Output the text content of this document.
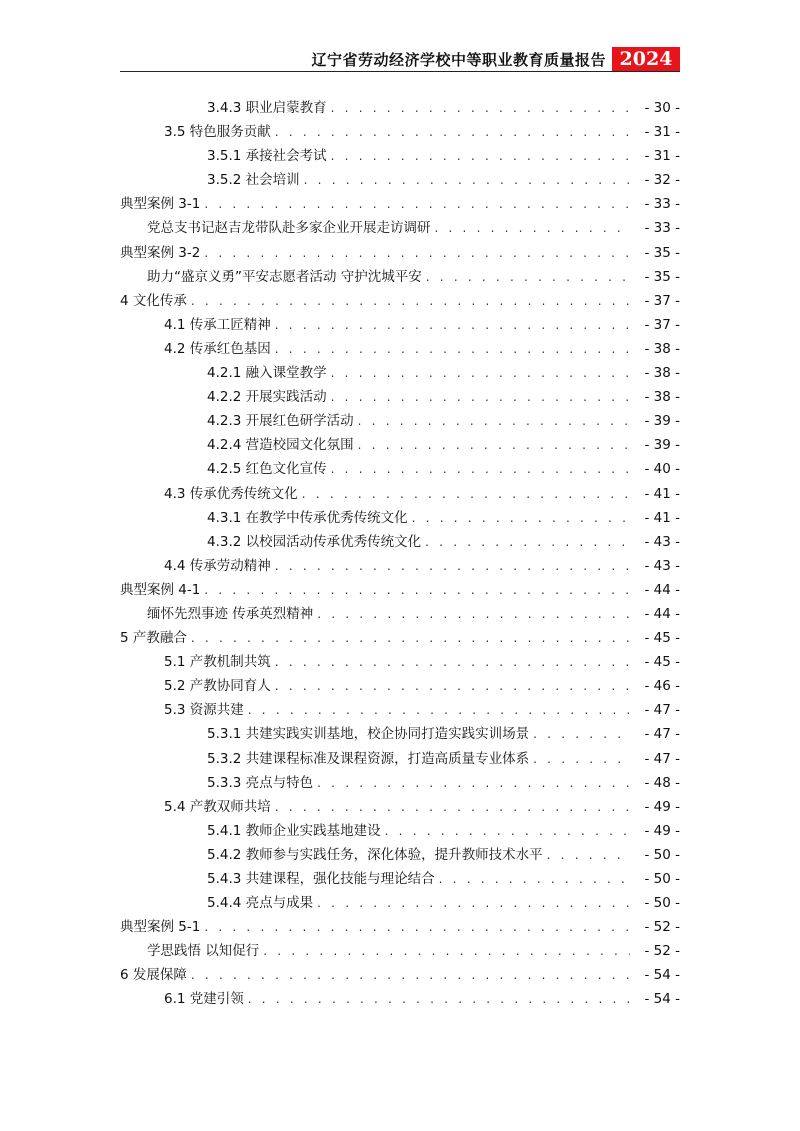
辽宁省劳动经济学校中等职业教育质量报告 2024
3.4.3 职业启蒙教育 . . .	- 30 -
3.5 特色服务贡献 . . .	- 31 -
3.5.1 承接社会考试 . . .	- 31 -
3.5.2 社会培训 . . .	- 32 -
典型案例 3-1 . . .	- 33 -
党总支书记赵吉龙带队赴多家企业开展走访调研 . . .	- 33 -
典型案例 3-2 . . .	- 35 -
助力“盛京义勇”平安志愿者活动 守护沈城平安 . . .	- 35 -
4 文化传承 . . .	- 37 -
4.1 传承工匠精神 . . .	- 37 -
4.2 传承红色基因 . . .	- 38 -
4.2.1 融入课堂教学 . . .	- 38 -
4.2.2 开展实践活动 . . .	- 38 -
4.2.3 开展红色研学活动 . . .	- 39 -
4.2.4 营造校园文化氛围 . . .	- 39 -
4.2.5 红色文化宣传 . . .	- 40 -
4.3 传承优秀传统文化 . . .	- 41 -
4.3.1 在教学中传承优秀传统文化 . . .	- 41 -
4.3.2 以校园活动传承优秀传统文化 . . .	- 43 -
4.4 传承劳动精神 . . .	- 43 -
典型案例 4-1 . . .	- 44 -
缅怀先烈事迹 传承英烈精神 . . .	- 44 -
5 产教融合 . . .	- 45 -
5.1 产教机制共筑 . . .	- 45 -
5.2 产教协同育人 . . .	- 46 -
5.3 资源共建 . . .	- 47 -
5.3.1 共建实践实训基地，校企协同打造实践实训场景 . . .	- 47 -
5.3.2 共建课程标准及课程资源，打造高质量专业体系 . . .	- 47 -
5.3.3 亮点与特色 . . .	- 48 -
5.4 产教双师共培 . . .	- 49 -
5.4.1 教师企业实践基地建设 . . .	- 49 -
5.4.2 教师参与实践任务，深化体验，提升教师技术水平 . . .	- 50 -
5.4.3 共建课程，强化技能与理论结合 . . .	- 50 -
5.4.4 亮点与成果 . . .	- 50 -
典型案例 5-1 . . .	- 52 -
学思践悟 以知促行 . . .	- 52 -
6 发展保障 . . .	- 54 -
6.1 党建引领 . . .	- 54 -
